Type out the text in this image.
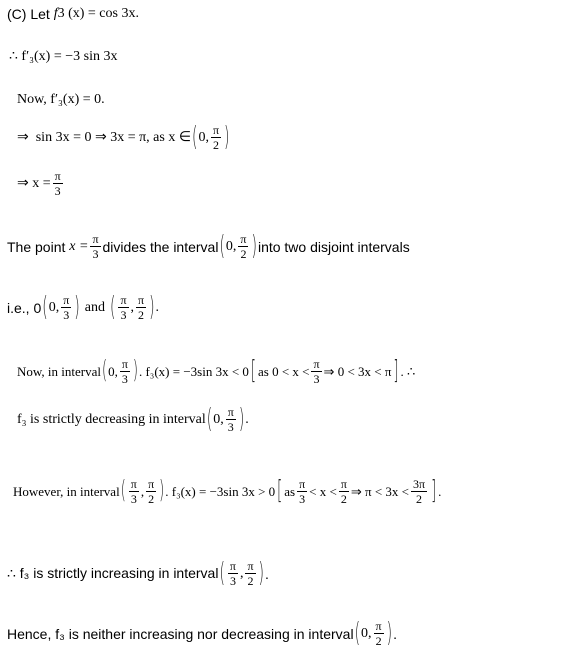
(C) Let f 3 (x) = cos 3x.
∴ f′₃(x) = −3 sin 3x
Now, f′₃(x) = 0.
⇒  sin 3x = 0 ⇒ 3x = π, as x ∈ ( 0, $\frac{\pi}{2}$ )
⇒ $x = \frac{\pi}{3}$
The point $x = \frac{\pi}{3}$ divides the interval ( 0, $\frac{\pi}{2}$ ) into two disjoint intervals
i.e., 0 ( 0, $\frac{\pi}{3}$ ) and ( $\frac{\pi}{3}$ , $\frac{\pi}{2}$ ) .
Now, in interval ( 0, $\frac{\pi}{3}$ ) . f₃(x) = −3sin 3x < 0 [ as $0 < x < \frac{\pi}{3}$ ⇒ 0 < 3x < π ] . ∴
f₃ is strictly decreasing in interval ( 0, $\frac{\pi}{3}$ ) .
However, in interval ( $\frac{\pi}{3}$ , $\frac{\pi}{2}$ ) . f₃(x) = −3sin 3x > 0 [ as $\frac{\pi}{3} < x < \frac{\pi}{2}$ ⇒ $\pi < 3x < \frac{3\pi}{2}$ ] .
∴ f₃ is strictly increasing in interval ( $\frac{\pi}{3}$ , $\frac{\pi}{2}$ ) .
Hence, f₃ is neither increasing nor decreasing in interval ( 0, $\frac{\pi}{2}$ ) .
